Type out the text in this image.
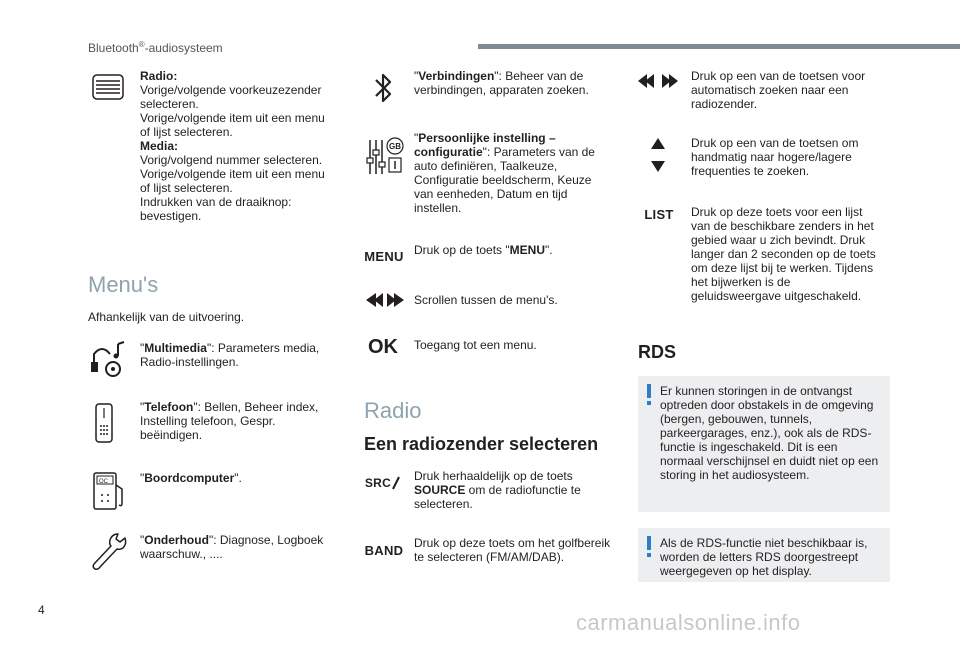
Bluetooth®-audiosysteem
Radio:
Vorige/volgende voorkeuzezender selecteren.
Vorige/volgende item uit een menu of lijst selecteren.
Media:
Vorig/volgend nummer selecteren.
Vorige/volgende item uit een menu of lijst selecteren.
Indrukken van de draaiknop: bevestigen.
Menu's
Afhankelijk van de uitvoering.
"Multimedia": Parameters media, Radio-instellingen.
"Telefoon": Bellen, Beheer index, Instelling telefoon, Gespr. beëindigen.
OC	"Boordcomputer".
"Onderhoud": Diagnose, Logboek waarschuw., ....
"Verbindingen": Beheer van de verbindingen, apparaten zoeken.
GB
"Persoonlijke instelling – configuratie": Parameters van de auto definiëren, Taalkeuze, Configuratie beeldscherm, Keuze van eenheden, Datum en tijd instellen.
MENU Druk op de toets "MENU".
Scrollen tussen de menu's.
OK Toegang tot een menu.
Radio
Een radiozender selecteren
SRC Druk herhaaldelijk op de toets SOURCE om de radiofunctie te selecteren.
BAND Druk op deze toets om het golfbereik te selecteren (FM/AM/DAB).
Druk op een van de toetsen voor automatisch zoeken naar een radiozender.
Druk op een van de toetsen om handmatig naar hogere/lagere frequenties te zoeken.
LIST	Druk op deze toets voor een lijst van de beschikbare zenders in het gebied waar u zich bevindt. Druk langer dan 2 seconden op de toets om deze lijst bij te werken. Tijdens het bijwerken is de geluidsweergave uitgeschakeld.
RDS
Er kunnen storingen in de ontvangst optreden door obstakels in de omgeving (bergen, gebouwen, tunnels, parkeergarages, enz.), ook als de RDS-functie is ingeschakeld. Dit is een normaal verschijnsel en duidt niet op een storing in het audiosysteem.
Als de RDS-functie niet beschikbaar is, worden de letters RDS doorgestreept weergegeven op het display.
4	carmanualsonline.info
